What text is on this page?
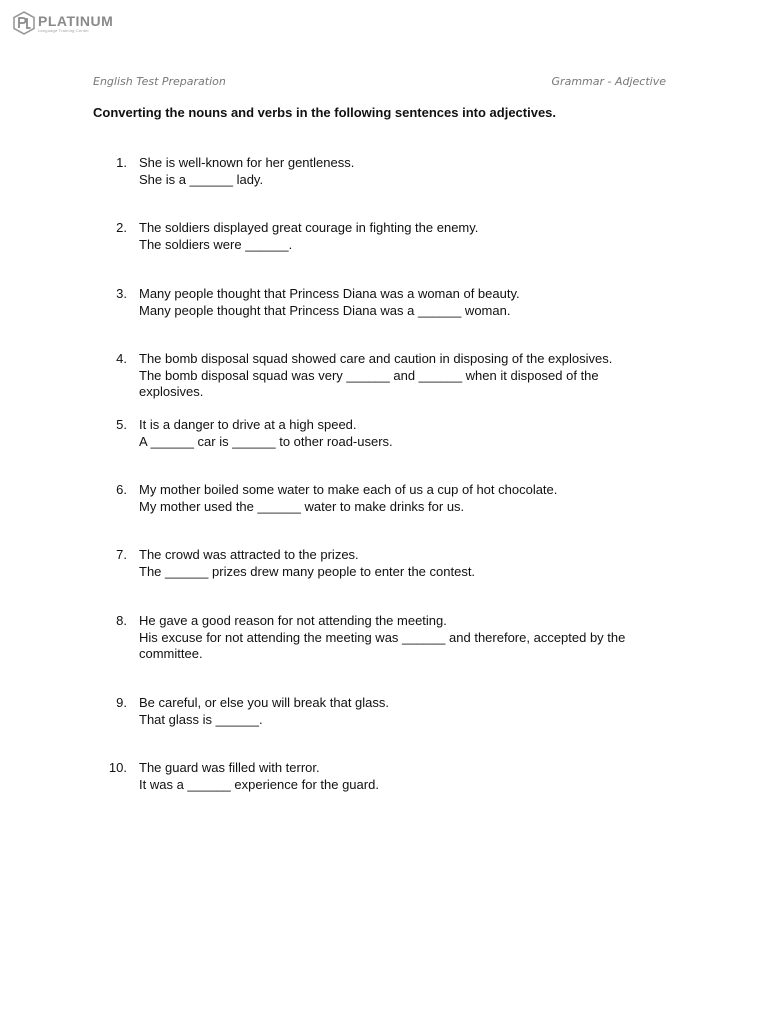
PLATINUM
Language Training Center
English Test Preparation	Grammar - Adjective
Converting the nouns and verbs in the following sentences into adjectives.
1. She is well-known for her gentleness.
She is a ______ lady.
2. The soldiers displayed great courage in fighting the enemy.
The soldiers were ______.
3. Many people thought that Princess Diana was a woman of beauty.
Many people thought that Princess Diana was a ______ woman.
4. The bomb disposal squad showed care and caution in disposing of the explosives.
The bomb disposal squad was very ______ and ______ when it disposed of the explosives.
5. It is a danger to drive at a high speed.
A ______ car is ______ to other road-users.
6. My mother boiled some water to make each of us a cup of hot chocolate.
My mother used the ______ water to make drinks for us.
7. The crowd was attracted to the prizes.
The ______ prizes drew many people to enter the contest.
8. He gave a good reason for not attending the meeting.
His excuse for not attending the meeting was ______ and therefore, accepted by the committee.
9. Be careful, or else you will break that glass.
That glass is ______.
10. The guard was filled with terror.
It was a ______ experience for the guard.
